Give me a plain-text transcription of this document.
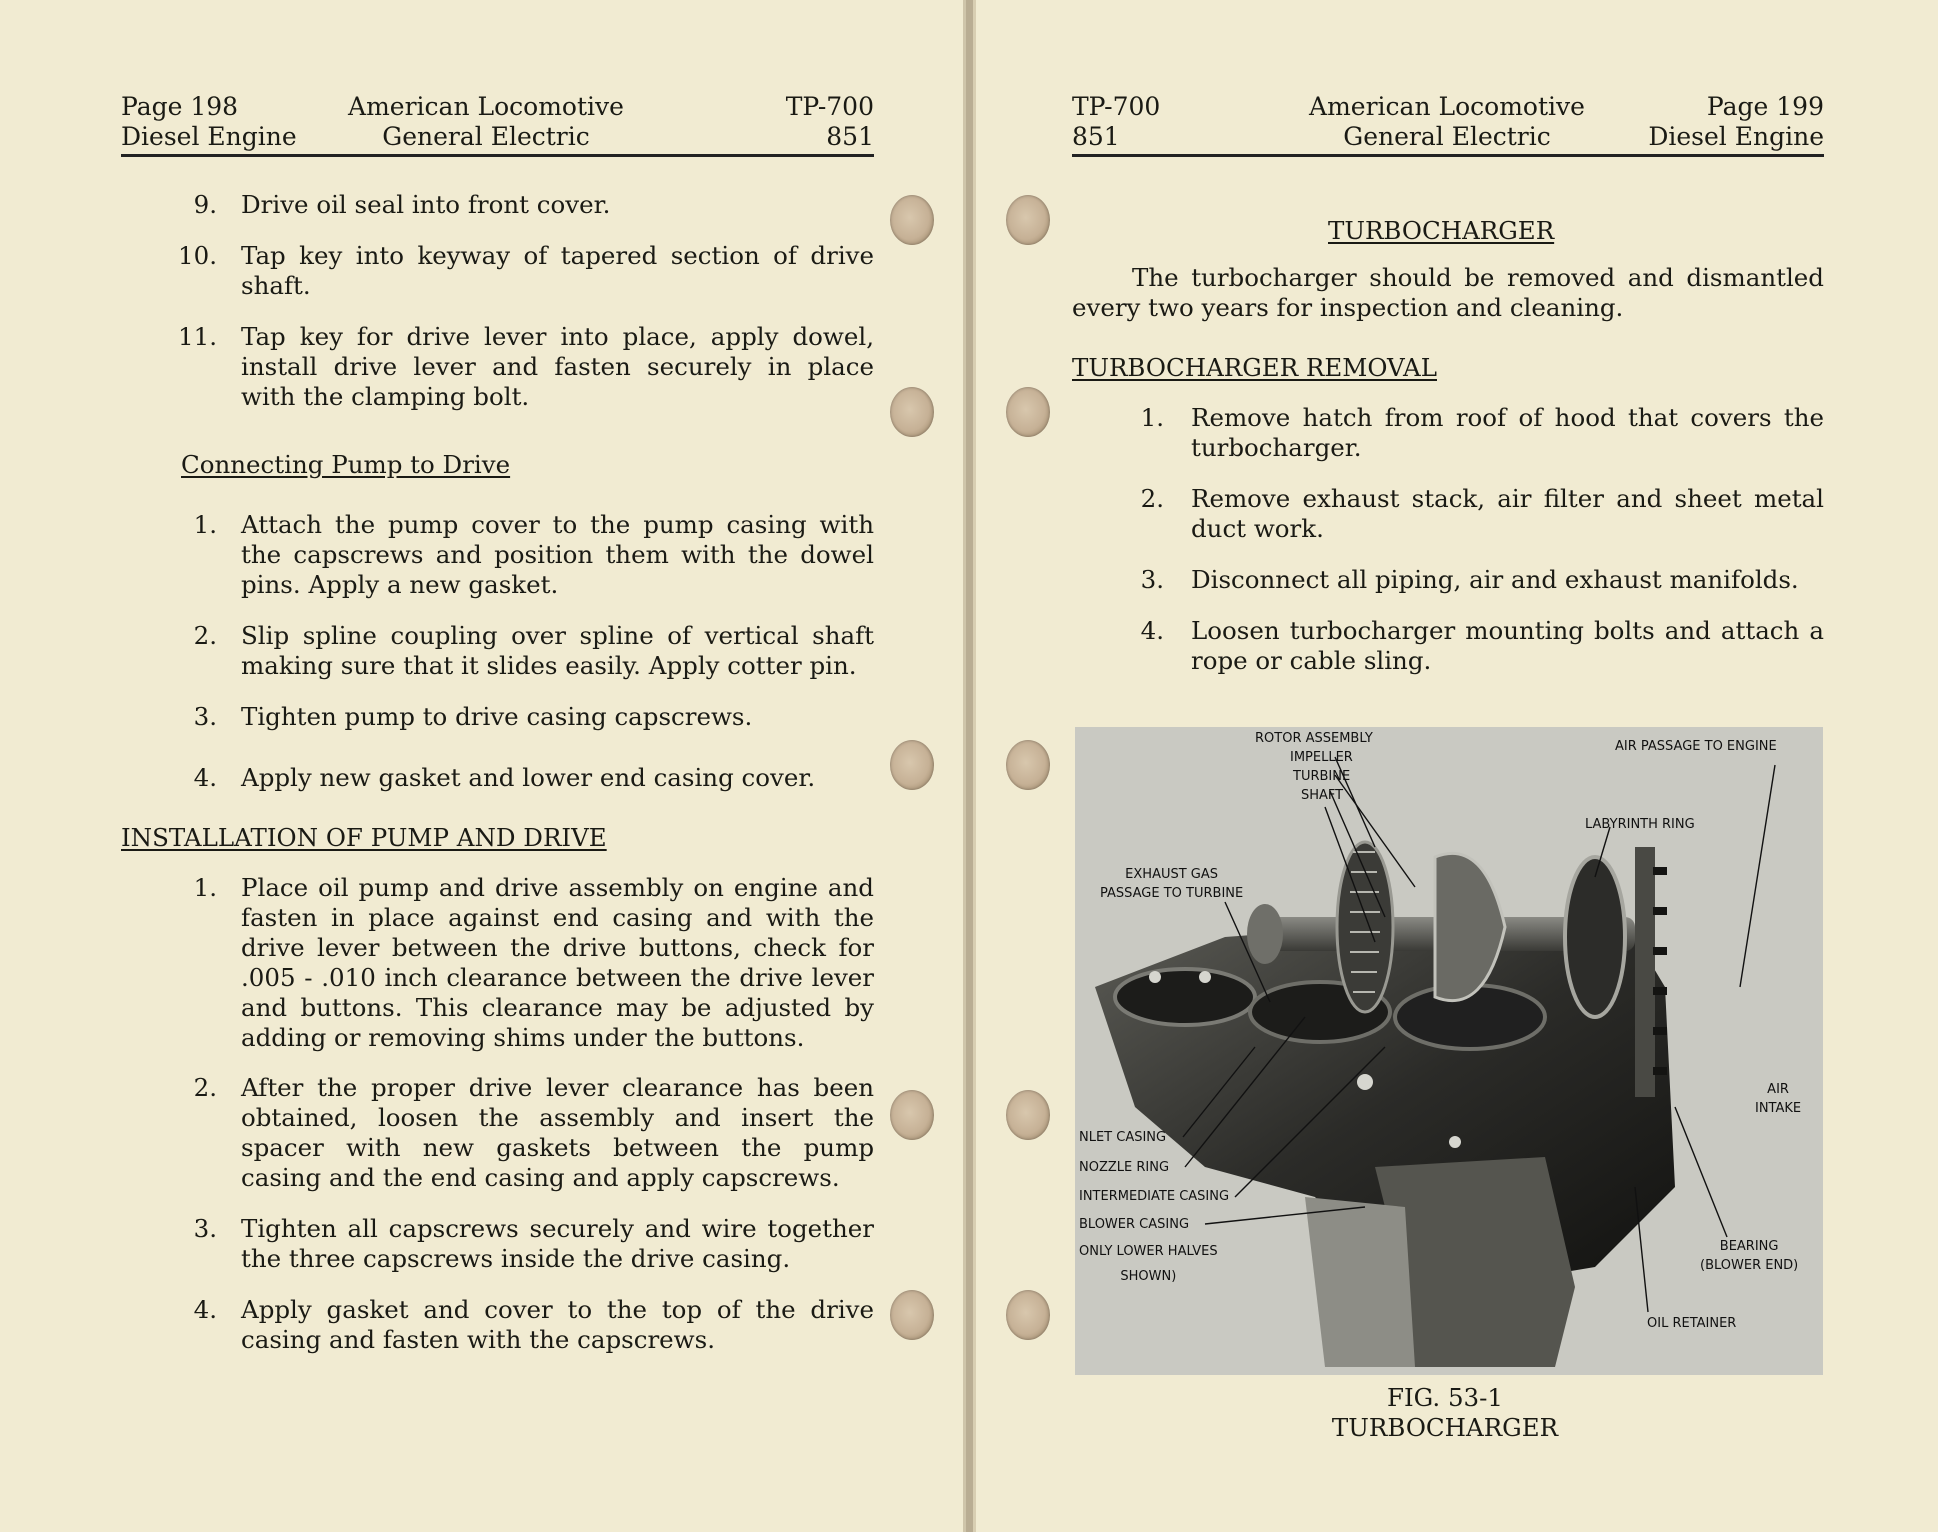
Page 198
Diesel Engine
American Locomotive
General Electric
TP-700
851
9. Drive oil seal into front cover.
10. Tap key into keyway of tapered section of drive shaft.
11. Tap key for drive lever into place, apply dowel, install drive lever and fasten securely in place with the clamping bolt.
Connecting Pump to Drive
1. Attach the pump cover to the pump casing with the capscrews and position them with the dowel pins. Apply a new gasket.
2. Slip spline coupling over spline of vertical shaft making sure that it slides easily. Apply cotter pin.
3. Tighten pump to drive casing capscrews.
4. Apply new gasket and lower end casing cover.
INSTALLATION OF PUMP AND DRIVE
1. Place oil pump and drive assembly on engine and fasten in place against end casing and with the drive lever between the drive buttons, check for .005 - .010 inch clearance between the drive lever and buttons. This clearance may be adjusted by adding or removing shims under the buttons.
2. After the proper drive lever clearance has been obtained, loosen the assembly and insert the spacer with new gaskets between the pump casing and the end casing and apply capscrews.
3. Tighten all capscrews securely and wire together the three capscrews inside the drive casing.
4. Apply gasket and cover to the top of the drive casing and fasten with the capscrews.
TP-700
851
American Locomotive
General Electric
Page 199
Diesel Engine
TURBOCHARGER
The turbocharger should be removed and dismantled every two years for inspection and cleaning.
TURBOCHARGER REMOVAL
1. Remove hatch from roof of hood that covers the turbocharger.
2. Remove exhaust stack, air filter and sheet metal duct work.
3. Disconnect all piping, air and exhaust manifolds.
4. Loosen turbocharger mounting bolts and attach a rope or cable sling.
ROTOR ASSEMBLY
IMPELLER
TURBINE
SHAFT
AIR PASSAGE TO ENGINE
LABYRINTH RING
EXHAUST GAS
PASSAGE TO TURBINE
AIR
INTAKE
NLET CASING
NOZZLE RING
INTERMEDIATE CASING
BLOWER CASING
ONLY LOWER HALVES
SHOWN)
BEARING
(BLOWER END)
OIL RETAINER
FIG. 53-1
TURBOCHARGER
